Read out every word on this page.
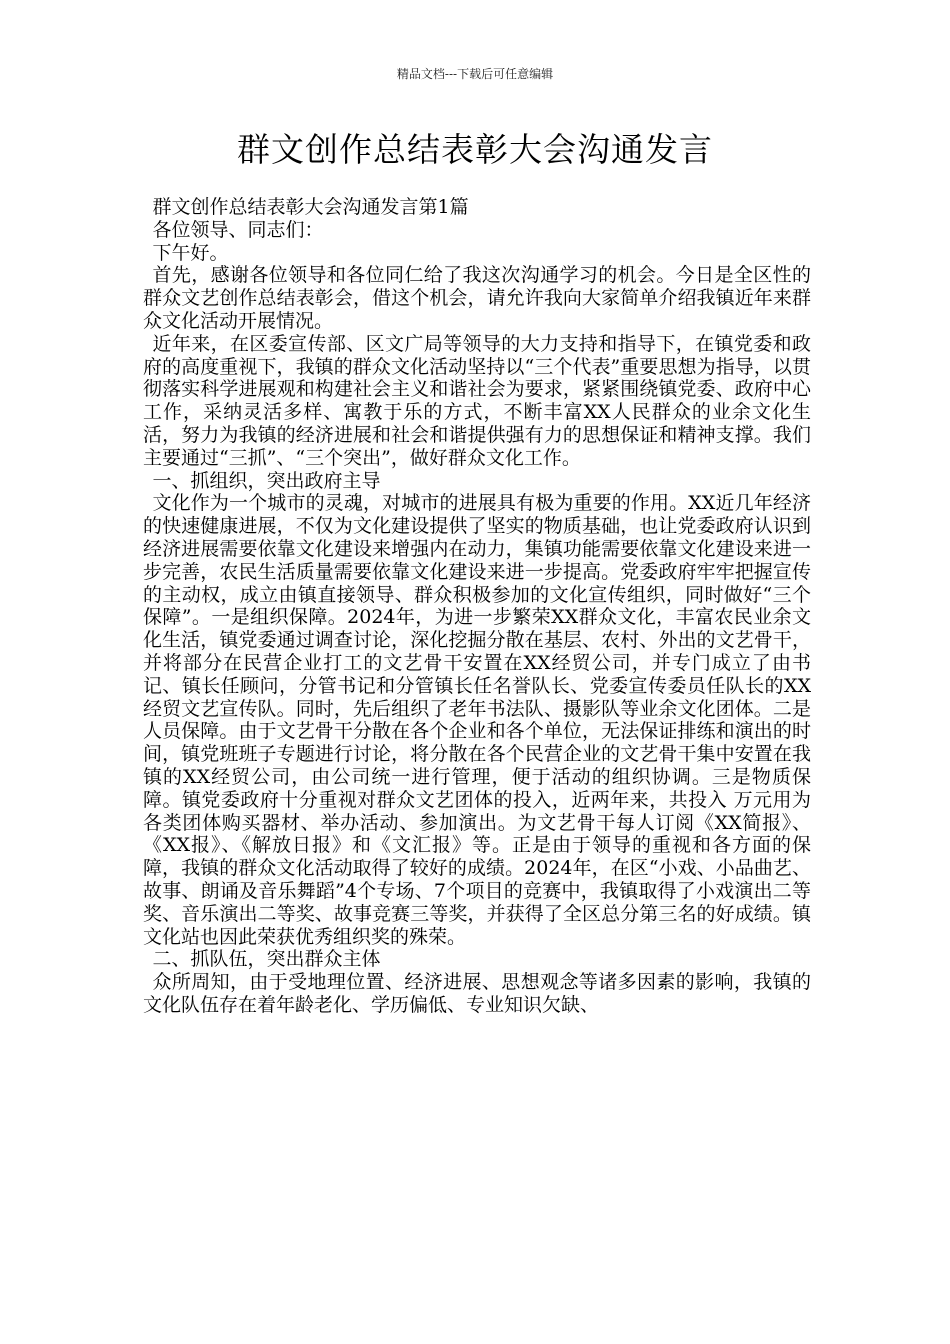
精品文档---下载后可任意编辑
群文创作总结表彰大会沟通发言

群文创作总结表彰大会沟通发言第1篇

各位领导、同志们：

下午好。

首先，感谢各位领导和各位同仁给了我这次沟通学习的机会。今日是全区性的群众文艺创作总结表彰会，借这个机会，请允许我向大家简单介绍我镇近年来群众文化活动开展情况。

近年来，在区委宣传部、区文广局等领导的大力支持和指导下，在镇党委和政府的高度重视下，我镇的群众文化活动坚持以“三个代表”重要思想为指导，以贯彻落实科学进展观和构建社会主义和谐社会为要求，紧紧围绕镇党委、政府中心工作，采纳灵活多样、寓教于乐的方式，不断丰富XX人民群众的业余文化生活，努力为我镇的经济进展和社会和谐提供强有力的思想保证和精神支撑。我们主要通过“三抓”、“三个突出”，做好群众文化工作。

一、抓组织，突出政府主导

文化作为一个城市的灵魂，对城市的进展具有极为重要的作用。XX近几年经济的快速健康进展，不仅为文化建设提供了坚实的物质基础，也让党委政府认识到经济进展需要依靠文化建设来增强内在动力，集镇功能需要依靠文化建设来进一步完善，农民生活质量需要依靠文化建设来进一步提高。党委政府牢牢把握宣传的主动权，成立由镇直接领导、群众积极参加的文化宣传组织，同时做好“三个保障”。一是组织保障。2024年，为进一步繁荣XX群众文化，丰富农民业余文化生活，镇党委通过调查讨论，深化挖掘分散在基层、农村、外出的文艺骨干，并将部分在民营企业打工的文艺骨干安置在XX经贸公司，并专门成立了由书记、镇长任顾问，分管书记和分管镇长任名誉队长、党委宣传委员任队长的XX经贸文艺宣传队。同时，先后组织了老年书法队、摄影队等业余文化团体。二是人员保障。由于文艺骨干分散在各个企业和各个单位，无法保证排练和演出的时间，镇党班班子专题进行讨论，将分散在各个民营企业的文艺骨干集中安置在我镇的XX经贸公司，由公司统一进行管理，便于活动的组织协调。三是物质保障。镇党委政府十分重视对群众文艺团体的投入，近两年来，共投入 万元用为各类团体购买器材、举办活动、参加演出。为文艺骨干每人订阅《XX简报》、《XX报》、《解放日报》和《文汇报》等。正是由于领导的重视和各方面的保障，我镇的群众文化活动取得了较好的成绩。2024年，在区“小戏、小品曲艺、故事、朗诵及音乐舞蹈”4个专场、7个项目的竞赛中，我镇取得了小戏演出二等奖、音乐演出二等奖、故事竞赛三等奖，并获得了全区总分第三名的好成绩。镇文化站也因此荣获优秀组织奖的殊荣。

二、抓队伍，突出群众主体

众所周知，由于受地理位置、经济进展、思想观念等诸多因素的影响，我镇的文化队伍存在着年龄老化、学历偏低、专业知识欠缺、
